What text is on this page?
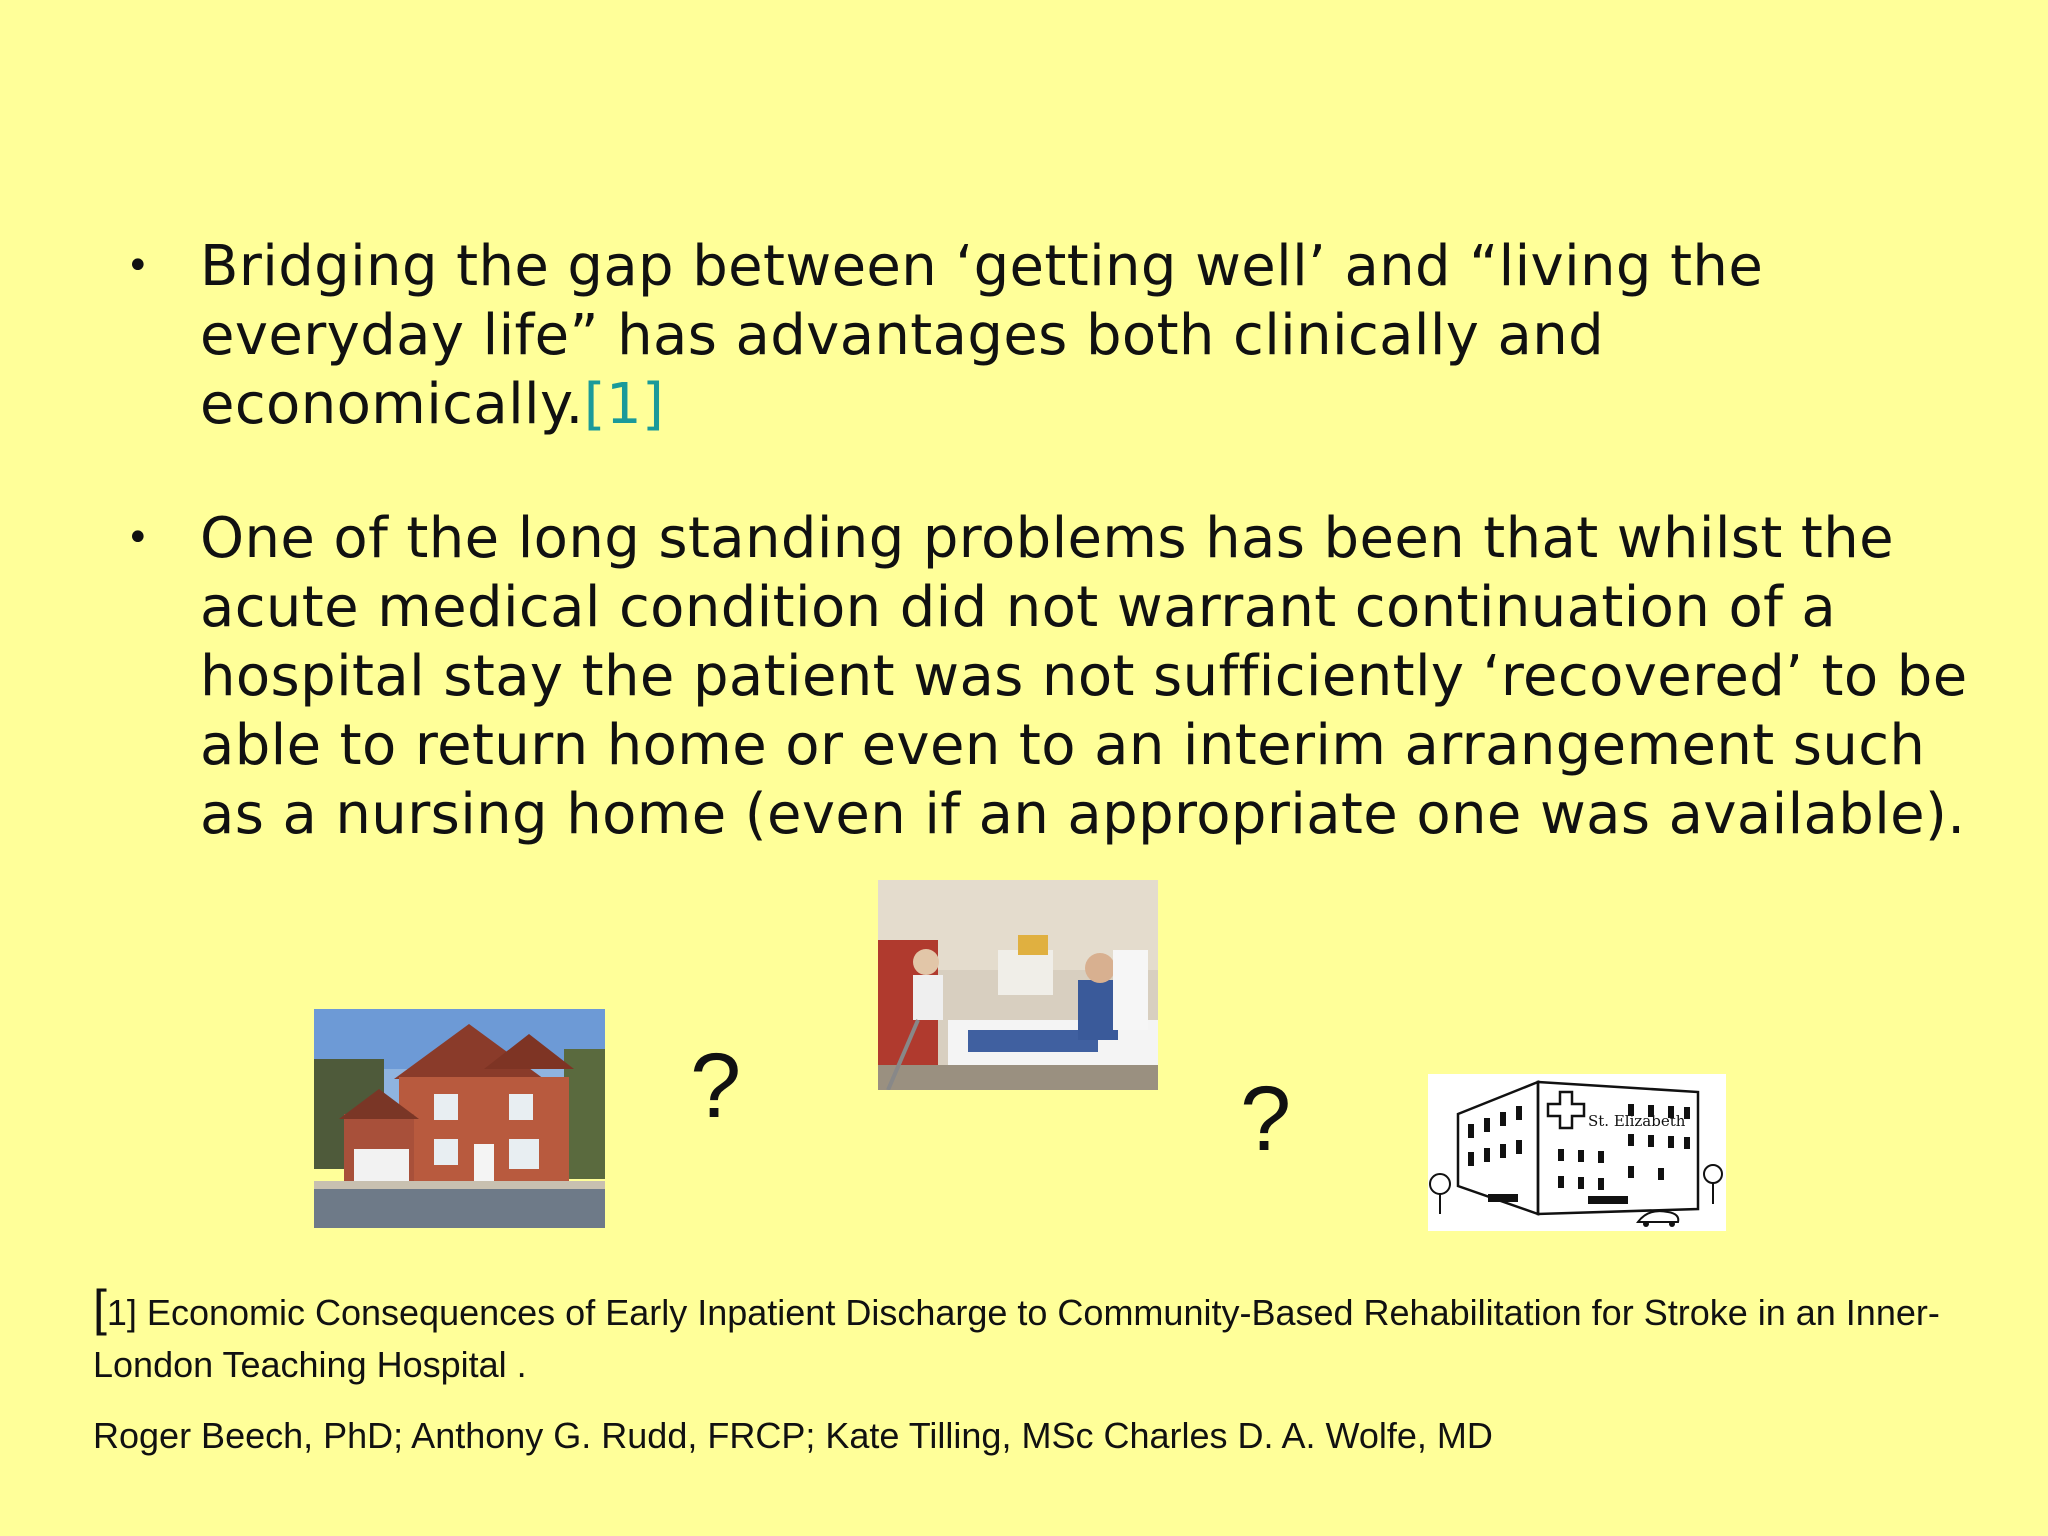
• Bridging the gap between ‘getting well’ and “living the everyday life” has advantages both clinically and economically.[1]
• One of the long standing problems has been that whilst the acute medical condition did not warrant continuation of a hospital stay the patient was not sufficiently ‘recovered’ to be able to return home or even to an interim arrangement such as a nursing home (even if an appropriate one was available).
St. Elizabeth
?	?
[1] Economic Consequences of Early Inpatient Discharge to Community-Based Rehabilitation for Stroke in an Inner-London Teaching Hospital .
Roger Beech, PhD; Anthony G. Rudd, FRCP; Kate Tilling, MSc Charles D. A. Wolfe, MD
